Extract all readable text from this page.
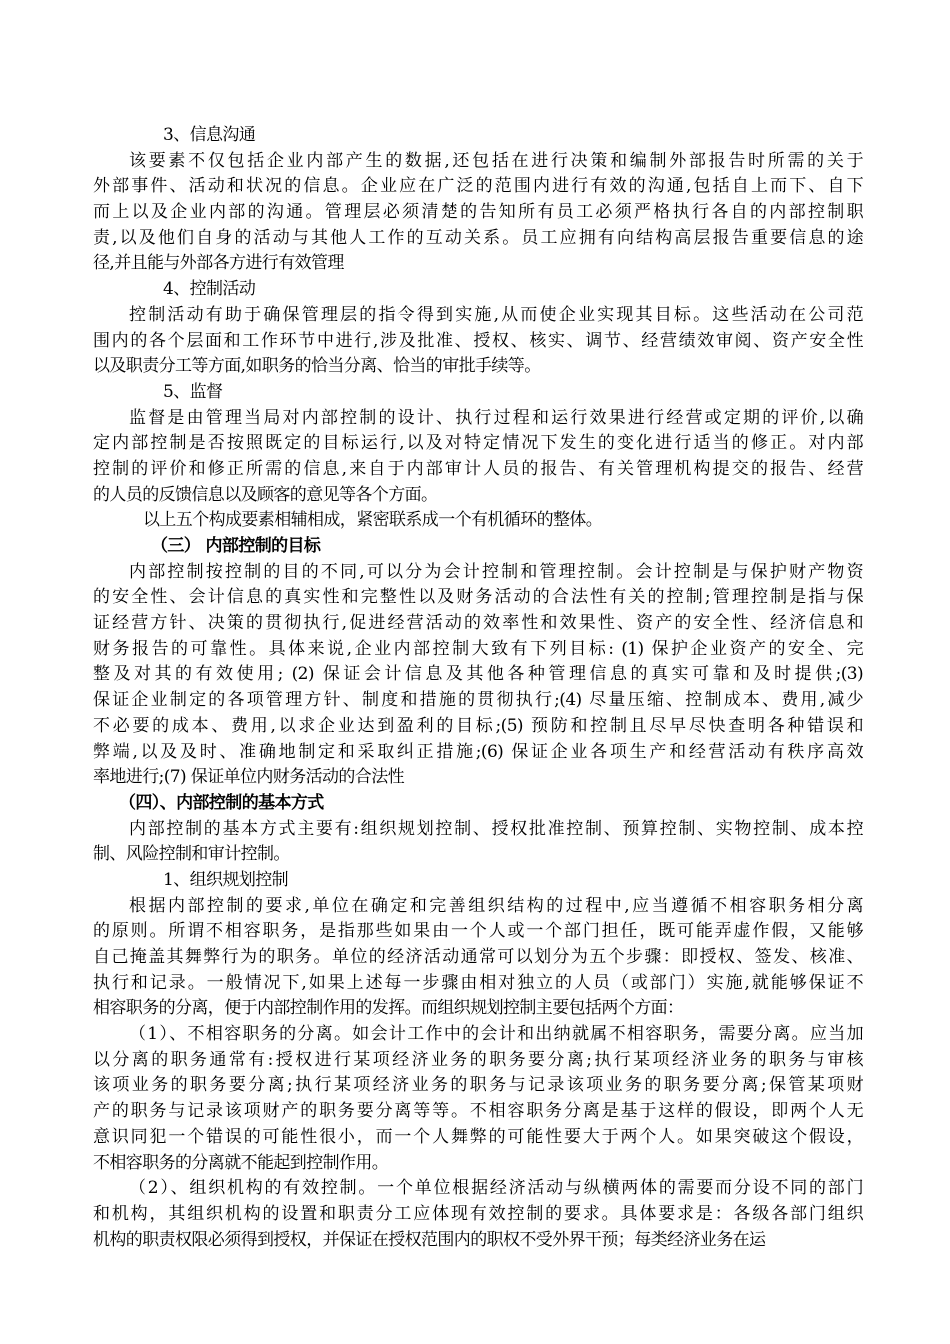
3、信息沟通
该要素不仅包括企业内部产生的数据,还包括在进行决策和编制外部报告时所需的关于
外部事件、活动和状况的信息。企业应在广泛的范围内进行有效的沟通,包括自上而下、自下
而上以及企业内部的沟通。管理层必须清楚的告知所有员工必须严格执行各自的内部控制职
责,以及他们自身的活动与其他人工作的互动关系。员工应拥有向结构高层报告重要信息的途
径,并且能与外部各方进行有效管理
4、控制活动
控制活动有助于确保管理层的指令得到实施,从而使企业实现其目标。这些活动在公司范
围内的各个层面和工作环节中进行,涉及批准、授权、核实、调节、经营绩效审阅、资产安全性
以及职责分工等方面,如职务的恰当分离、恰当的审批手续等。
5、监督
监督是由管理当局对内部控制的设计、执行过程和运行效果进行经营或定期的评价,以确
定内部控制是否按照既定的目标运行,以及对特定情况下发生的变化进行适当的修正。对内部
控制的评价和修正所需的信息,来自于内部审计人员的报告、有关管理机构提交的报告、经营
的人员的反馈信息以及顾客的意见等各个方面。
以上五个构成要素相辅相成，紧密联系成一个有机循环的整体。
（三） 内部控制的目标
内部控制按控制的目的不同,可以分为会计控制和管理控制。会计控制是与保护财产物资
的安全性、会计信息的真实性和完整性以及财务活动的合法性有关的控制;管理控制是指与保
证经营方针、决策的贯彻执行,促进经营活动的效率性和效果性、资产的安全性、经济信息和
财务报告的可靠性。具体来说,企业内部控制大致有下列目标: (1) 保护企业资产的安全、完
整及对其的有效使用; (2) 保证会计信息及其他各种管理信息的真实可靠和及时提供;(3)
保证企业制定的各项管理方针、制度和措施的贯彻执行;(4) 尽量压缩、控制成本、费用,减少
不必要的成本、费用,以求企业达到盈利的目标;(5) 预防和控制且尽早尽快查明各种错误和
弊端,以及及时、准确地制定和采取纠正措施;(6) 保证企业各项生产和经营活动有秩序高效
率地进行;(7) 保证单位内财务活动的合法性
（四）、内部控制的基本方式
内部控制的基本方式主要有:组织规划控制、授权批准控制、预算控制、实物控制、成本控
制、风险控制和审计控制。
1、组织规划控制
根据内部控制的要求,单位在确定和完善组织结构的过程中,应当遵循不相容职务相分离
的原则。所谓不相容职务，是指那些如果由一个人或一个部门担任，既可能弄虚作假，又能够
自己掩盖其舞弊行为的职务。单位的经济活动通常可以划分为五个步骤：即授权、签发、核准、
执行和记录。一般情况下,如果上述每一步骤由相对独立的人员（或部门）实施,就能够保证不
相容职务的分离，便于内部控制作用的发挥。而组织规划控制主要包括两个方面：
（1）、不相容职务的分离。如会计工作中的会计和出纳就属不相容职务，需要分离。应当加
以分离的职务通常有:授权进行某项经济业务的职务要分离;执行某项经济业务的职务与审核
该项业务的职务要分离;执行某项经济业务的职务与记录该项业务的职务要分离;保管某项财
产的职务与记录该项财产的职务要分离等等。不相容职务分离是基于这样的假设，即两个人无
意识同犯一个错误的可能性很小，而一个人舞弊的可能性要大于两个人。如果突破这个假设，
不相容职务的分离就不能起到控制作用。
（2）、组织机构的有效控制。一个单位根据经济活动与纵横两体的需要而分设不同的部门
和机构，其组织机构的设置和职责分工应体现有效控制的要求。具体要求是：各级各部门组织
机构的职责权限必须得到授权，并保证在授权范围内的职权不受外界干预；每类经济业务在运
